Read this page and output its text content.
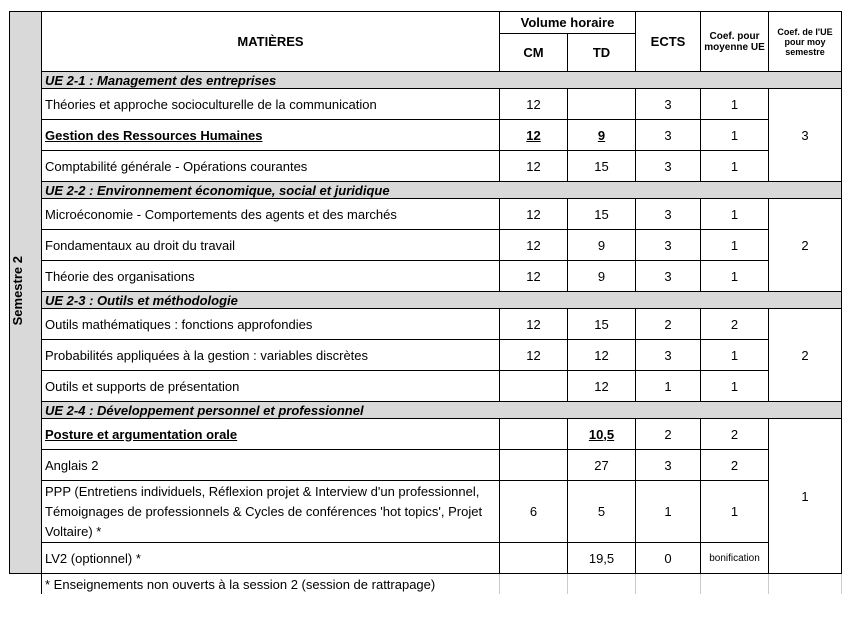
Semestre 2	MATIÈRES	Volume horaire		ECTS	Coef. pour moyenne UE	Coef. de l'UE pour moy semestre
		CM	TD			
	UE 2-1 : Management des entreprises					
	Théories et approche socioculturelle de la communication	12		3	1	3
	Gestion des Ressources Humaines	12	9	3	1	
	Comptabilité générale - Opérations courantes	12	15	3	1	
	UE 2-2 : Environnement économique, social et juridique					
	Microéconomie - Comportements des agents et des marchés	12	15	3	1	2
	Fondamentaux au droit du travail	12	9	3	1	
	Théorie des organisations	12	9	3	1	
	UE 2-3 : Outils et méthodologie					
	Outils mathématiques : fonctions approfondies	12	15	2	2	2
	Probabilités appliquées à la gestion : variables discrètes	12	12	3	1	
	Outils et supports de présentation		12	1	1	
	UE 2-4 : Développement personnel et professionnel					
	Posture et argumentation orale		10,5	2	2	1
	Anglais 2		27	3	2	
	PPP (Entretiens individuels, Réflexion projet & Interview d'un professionnel, Témoignages de professionnels & Cycles de conférences 'hot topics', Projet Voltaire) *	6	5	1	1	
	LV2 (optionnel) *		19,5	0	bonification	
	* Enseignements non ouverts à la session 2 (session de rattrapage)					
